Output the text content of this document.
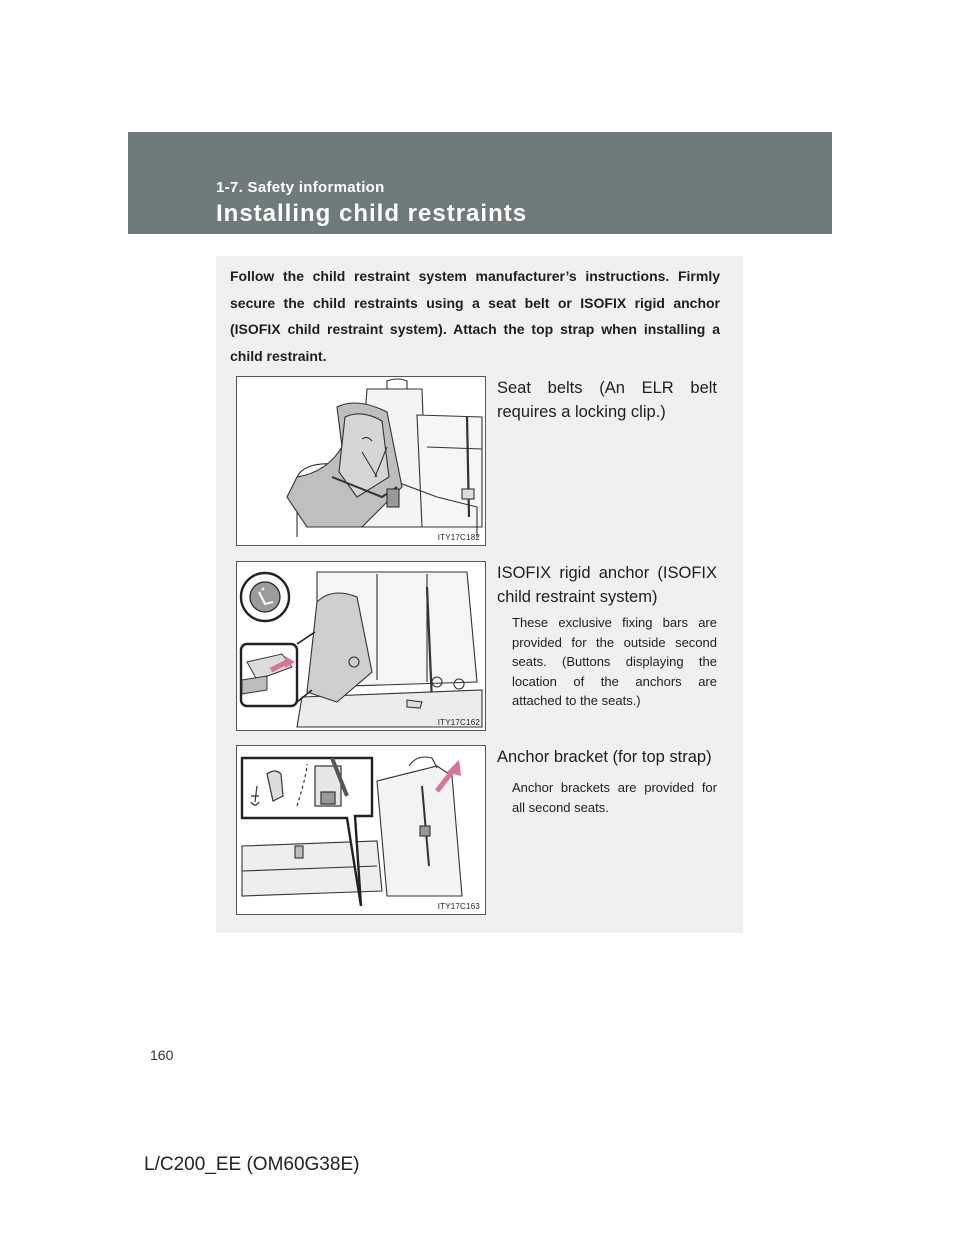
1-7. Safety information
Installing child restraints
Follow the child restraint system manufacturer’s instructions. Firmly secure the child restraints using a seat belt or ISOFIX rigid anchor (ISOFIX child restraint system). Attach the top strap when installing a child restraint.
ITY17C182
Seat belts (An ELR belt requires a locking clip.)
ITY17C162
ISOFIX rigid anchor (ISOFIX child restraint system)
These exclusive fixing bars are provided for the outside second seats. (Buttons displaying the location of the anchors are attached to the seats.)
ITY17C163
Anchor bracket (for top strap)
Anchor brackets are provided for all second seats.
160
L/C200_EE (OM60G38E)
